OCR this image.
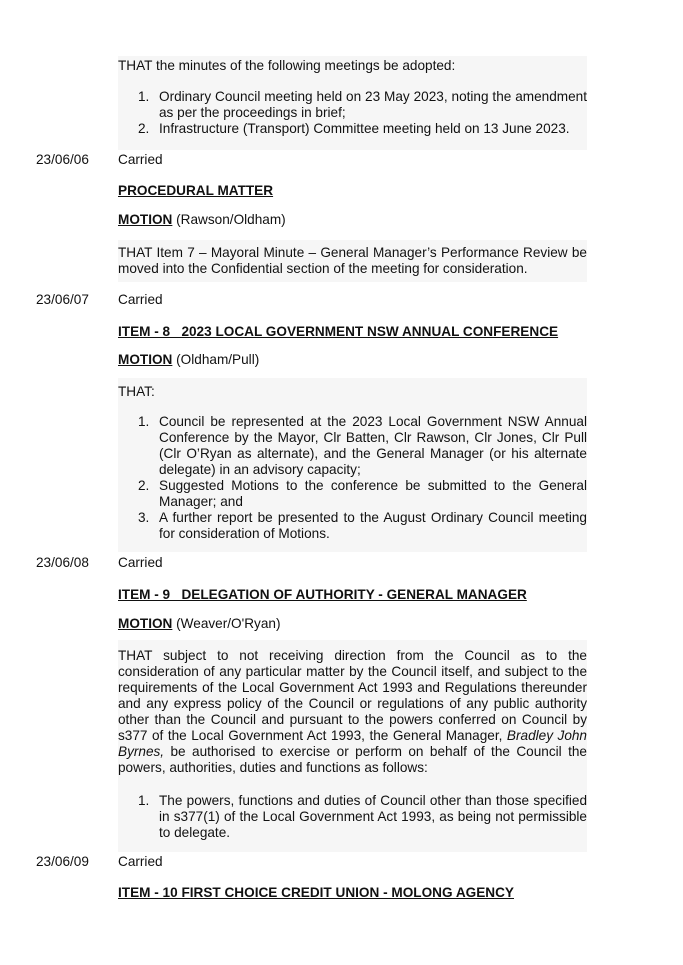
THAT the minutes of the following meetings be adopted:

1. Ordinary Council meeting held on 23 May 2023, noting the amendment as per the proceedings in brief;
2. Infrastructure (Transport) Committee meeting held on 13 June 2023.
23/06/06 Carried
PROCEDURAL MATTER
MOTION (Rawson/Oldham)

THAT Item 7 – Mayoral Minute – General Manager’s Performance Review be moved into the Confidential section of the meeting for consideration.

23/06/07 Carried
ITEM - 8   2023 LOCAL GOVERNMENT NSW ANNUAL CONFERENCE
MOTION (Oldham/Pull)

THAT:

1. Council be represented at the 2023 Local Government NSW Annual Conference by the Mayor, Clr Batten, Clr Rawson, Clr Jones, Clr Pull (Clr O’Ryan as alternate), and the General Manager (or his alternate delegate) in an advisory capacity;
2. Suggested Motions to the conference be submitted to the General Manager; and
3. A further report be presented to the August Ordinary Council meeting for consideration of Motions.
23/06/08 Carried
ITEM - 9   DELEGATION OF AUTHORITY - GENERAL MANAGER
MOTION (Weaver/O'Ryan)

THAT subject to not receiving direction from the Council as to the consideration of any particular matter by the Council itself, and subject to the requirements of the Local Government Act 1993 and Regulations thereunder and any express policy of the Council or regulations of any public authority other than the Council and pursuant to the powers conferred on Council by s377 of the Local Government Act 1993, the General Manager, Bradley John Byrnes, be authorised to exercise or perform on behalf of the Council the powers, authorities, duties and functions as follows:

1. The powers, functions and duties of Council other than those specified in s377(1) of the Local Government Act 1993, as being not permissible to delegate.
23/06/09 Carried
ITEM - 10 FIRST CHOICE CREDIT UNION - MOLONG AGENCY
